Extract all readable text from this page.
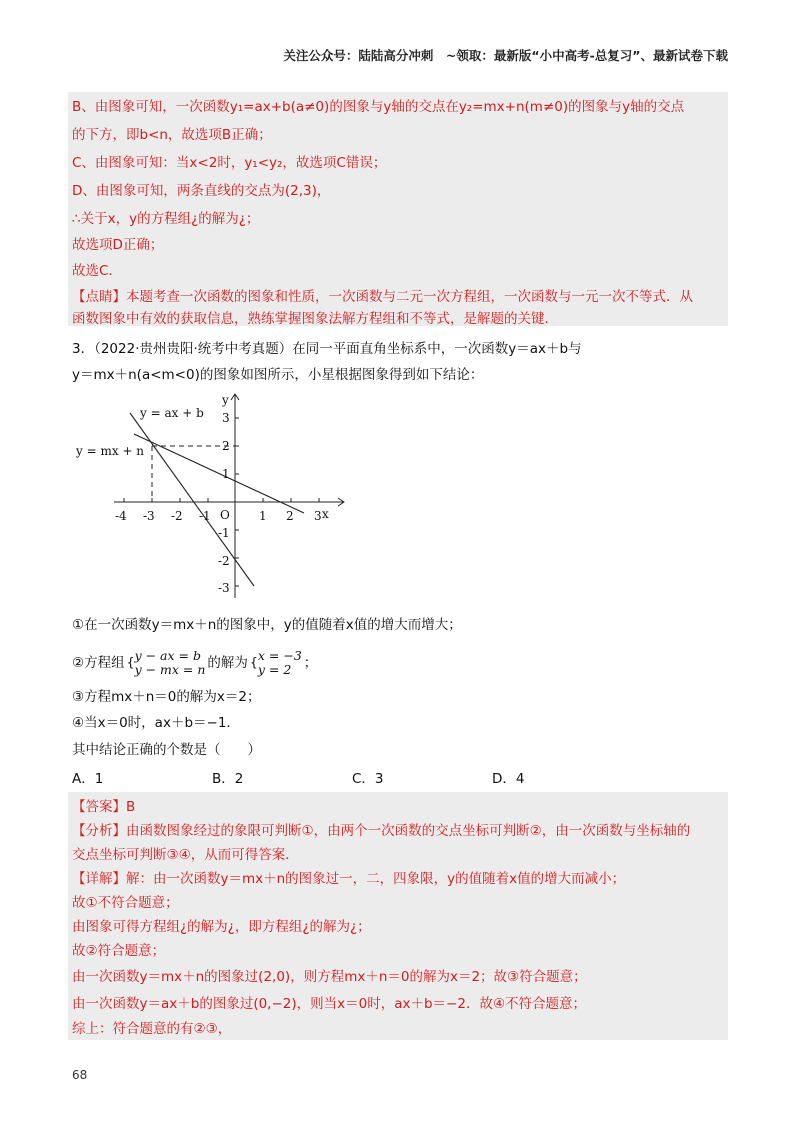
关注公众号：陆陆高分冲刺　~领取：最新版“小中高考-总复习”、最新试卷下载
B、由图象可知，一次函数y₁=ax+b(a≠0)的图象与y轴的交点在y₂=mx+n(m≠0)的图象与y轴的交点
的下方，即b<n，故选项B正确；
C、由图象可知：当x<2时，y₁<y₂，故选项C错误；
D、由图象可知，两条直线的交点为(2,3)，
∴关于x，y的方程组¿的解为¿；
故选项D正确；
故选C．
【点睛】本题考查一次函数的图象和性质，一次函数与二元一次方程组，一次函数与一元一次不等式．从
函数图象中有效的获取信息，熟练掌握图象法解方程组和不等式，是解题的关键．
3．（2022·贵州贵阳·统考中考真题）在同一平面直角坐标系中，一次函数y＝ax＋b与
y＝mx＋n(a<m<0)的图象如图所示，小星根据图象得到如下结论：
y = ax + b
y = mx + n
y
x
O
-4 -3 -2 -1	1 2 3
3
2
1
-1
-2
-3
①在一次函数y＝mx＋n的图象中，y的值随着x值的增大而增大；
②方程组 { y − ax = b
y − mx = n 的解为 { x = −3
y = 2 ；
③方程mx＋n＝0的解为x＝2；
④当x＝0时，ax＋b＝−1．
其中结论正确的个数是（　　）
A．1	B．2	C．3	D．4
【答案】B
【分析】由函数图象经过的象限可判断①，由两个一次函数的交点坐标可判断②，由一次函数与坐标轴的
交点坐标可判断③④，从而可得答案．
【详解】解：由一次函数y＝mx＋n的图象过一，二，四象限，y的值随着x值的增大而减小；
故①不符合题意；
由图象可得方程组¿的解为¿，即方程组¿的解为¿；
故②符合题意；
由一次函数y＝mx＋n的图象过(2,0)，则方程mx＋n＝0的解为x＝2；故③符合题意；
由一次函数y＝ax＋b的图象过(0,−2)，则当x＝0时，ax＋b＝−2．故④不符合题意；
综上：符合题意的有②③，
68
